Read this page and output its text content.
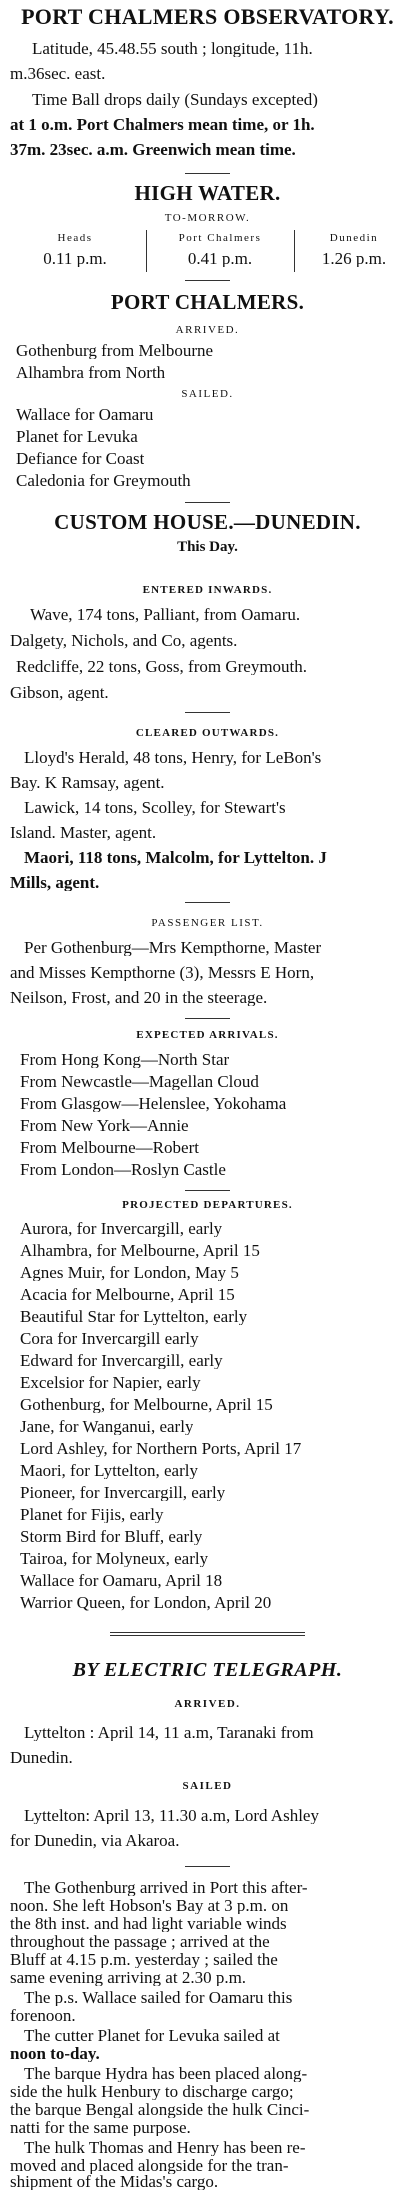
PORT CHALMERS OBSERVATORY.
Latitude, 45.48.55 south ; longitude, 11h.
m.36sec. east.
Time Ball drops daily (Sundays excepted)
at 1 o.m. Port Chalmers mean time, or 1h.
37m. 23sec. a.m. Greenwich mean time.
HIGH WATER.
TO-MORROW.
Heads
0.11 p.m.
Port Chalmers
0.41 p.m.
Dunedin
1.26 p.m.
PORT CHALMERS.
ARRIVED.
Gothenburg from Melbourne
Alhambra from North
SAILED.
Wallace for Oamaru
Planet for Levuka
Defiance for Coast
Caledonia for Greymouth
CUSTOM HOUSE.—DUNEDIN.
This Day.
ENTERED INWARDS.
Wave, 174 tons, Palliant, from Oamaru.
Dalgety, Nichols, and Co, agents.
Redcliffe, 22 tons, Goss, from Greymouth.
Gibson, agent.
CLEARED OUTWARDS.
Lloyd's Herald, 48 tons, Henry, for LeBon's
Bay. K Ramsay, agent.
Lawick, 14 tons, Scolley, for Stewart's
Island. Master, agent.
Maori, 118 tons, Malcolm, for Lyttelton. J
Mills, agent.
PASSENGER LIST.
Per Gothenburg—Mrs Kempthorne, Master
and Misses Kempthorne (3), Messrs E Horn,
Neilson, Frost, and 20 in the steerage.
EXPECTED ARRIVALS.
From Hong Kong—North Star
From Newcastle—Magellan Cloud
From Glasgow—Helenslee, Yokohama
From New York—Annie
From Melbourne—Robert
From London—Roslyn Castle
PROJECTED DEPARTURES.
Aurora, for Invercargill, early
Alhambra, for Melbourne, April 15
Agnes Muir, for London, May 5
Acacia for Melbourne, April 15
Beautiful Star for Lyttelton, early
Cora for Invercargill early
Edward for Invercargill, early
Excelsior for Napier, early
Gothenburg, for Melbourne, April 15
Jane, for Wanganui, early
Lord Ashley, for Northern Ports, April 17
Maori, for Lyttelton, early
Pioneer, for Invercargill, early
Planet for Fijis, early
Storm Bird for Bluff, early
Tairoa, for Molyneux, early
Wallace for Oamaru, April 18
Warrior Queen, for London, April 20
BY ELECTRIC TELEGRAPH.
ARRIVED.
Lyttelton : April 14, 11 a.m, Taranaki from
Dunedin.
SAILED
Lyttelton: April 13, 11.30 a.m, Lord Ashley
for Dunedin, via Akaroa.
The Gothenburg arrived in Port this after-
noon. She left Hobson's Bay at 3 p.m. on
the 8th inst. and had light variable winds
throughout the passage ; arrived at the
Bluff at 4.15 p.m. yesterday ; sailed the
same evening arriving at 2.30 p.m.
The p.s. Wallace sailed for Oamaru this
forenoon.
The cutter Planet for Levuka sailed at
noon to-day.
The barque Hydra has been placed along-
side the hulk Henbury to discharge cargo;
the barque Bengal alongside the hulk Cinci-
natti for the same purpose.
The hulk Thomas and Henry has been re-
moved and placed alongside for the tran-
shipment of the Midas's cargo.
